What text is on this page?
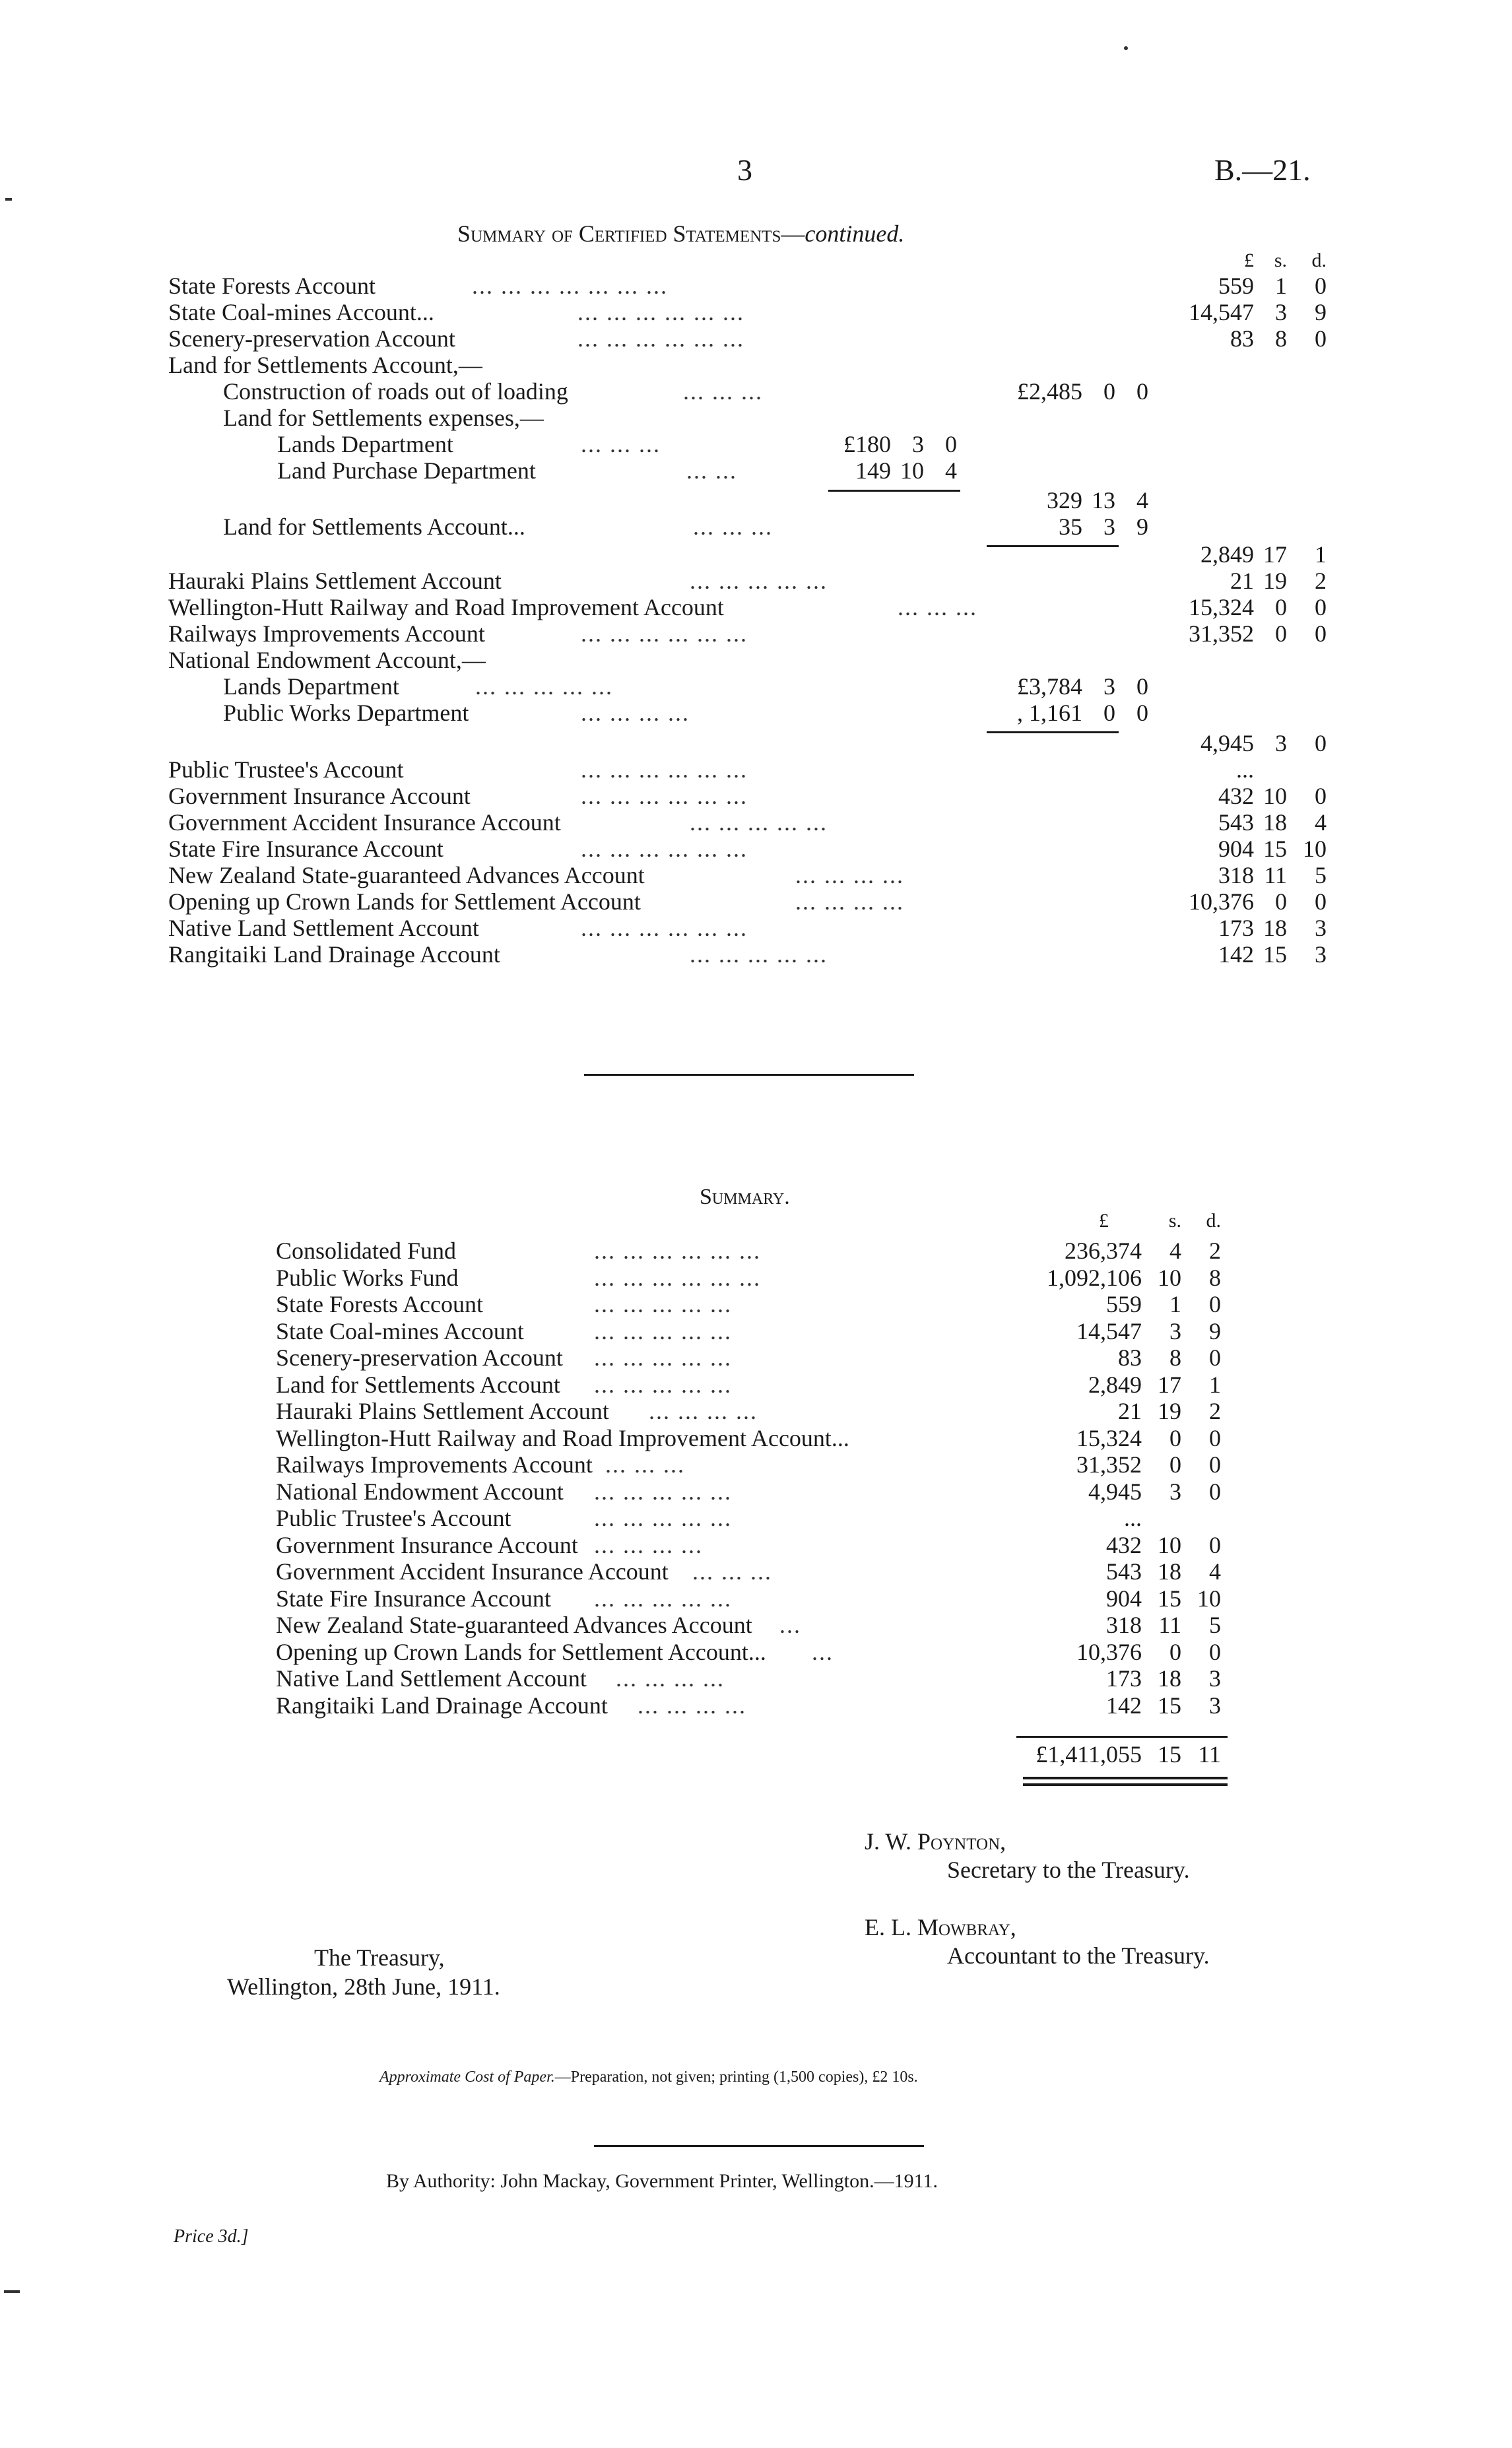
3	B.—21.
Summary of Certified Statements—continued.
£	s.	d.
State Forests Account	... ... ... ... ... ... ...	559 1	0
State Coal-mines Account...	... ... ... ... ... ...	14,547 3	9
Scenery-preservation Account	... ... ... ... ... ...	83 8	0
Land for Settlements Account,—
Construction of roads out of loading	... ... ...	£2,485 0 0
Land for Settlements expenses,—
Lands Department	... ... ...	£180 3 0
Land Purchase Department	... ...	149 10 4
329 13 4
Land for Settlements Account...	... ... ...	35 3 9
2,849 17	1
Hauraki Plains Settlement Account	... ... ... ... ...	21 19	2
Wellington-Hutt Railway and Road Improvement Account	... ... ...	15,324 0	0
Railways Improvements Account	... ... ... ... ... ...	31,352 0	0
National Endowment Account,—
Lands Department	... ... ... ... ...	£3,784 3 0
Public Works Department	... ... ... ...	, 1,161 0 0
4,945 3	0
Public Trustee's Account	... ... ... ... ... ...	...
Government Insurance Account	... ... ... ... ... ...	432 10	0
Government Accident Insurance Account	... ... ... ... ...	543 18	4
State Fire Insurance Account	... ... ... ... ... ...	904 15 10
New Zealand State-guaranteed Advances Account	... ... ... ...	318 11	5
Opening up Crown Lands for Settlement Account	... ... ... ...	10,376 0	0
Native Land Settlement Account	... ... ... ... ... ...	173 18	3
Rangitaiki Land Drainage Account	... ... ... ... ...	142 15	3
Summary.
£	s.	d.
Consolidated Fund	... ... ... ... ... ...	236,374	4	2
Public Works Fund	... ... ... ... ... ...	1,092,106 10	8
State Forests Account	... ... ... ... ...	559	1	0
State Coal-mines Account	... ... ... ... ...	14,547	3	9
Scenery-preservation Account ... ... ... ... ...	83	8	0
Land for Settlements Account ... ... ... ... ...	2,849 17	1
Hauraki Plains Settlement Account ... ... ... ...	21 19	2
Wellington-Hutt Railway and Road Improvement Account...	15,324	0	0
Railways Improvements Account ... ... ...	31,352	0	0
National Endowment Account ... ... ... ... ...	4,945	3	0
Public Trustee's Account	... ... ... ... ...	...
Government Insurance Account ... ... ... ...	432 10	0
Government Accident Insurance Account ... ... ...	543 18	4
State Fire Insurance Account ... ... ... ... ...	904 15 10
New Zealand State-guaranteed Advances Account ...	318 11	5
Opening up Crown Lands for Settlement Account... ...	10,376	0	0
Native Land Settlement Account ... ... ... ...	173 18	3
Rangitaiki Land Drainage Account ... ... ... ...	142 15	3
£1,411,055 15 11
J. W. Poynton,
Secretary to the Treasury.
E. L. Mowbray,
Accountant to the Treasury.
The Treasury,
Wellington, 28th June, 1911.
Approximate Cost of Paper.—Preparation, not given; printing (1,500 copies), £2 10s.
By Authority: John Mackay, Government Printer, Wellington.—1911.
Price 3d.]
